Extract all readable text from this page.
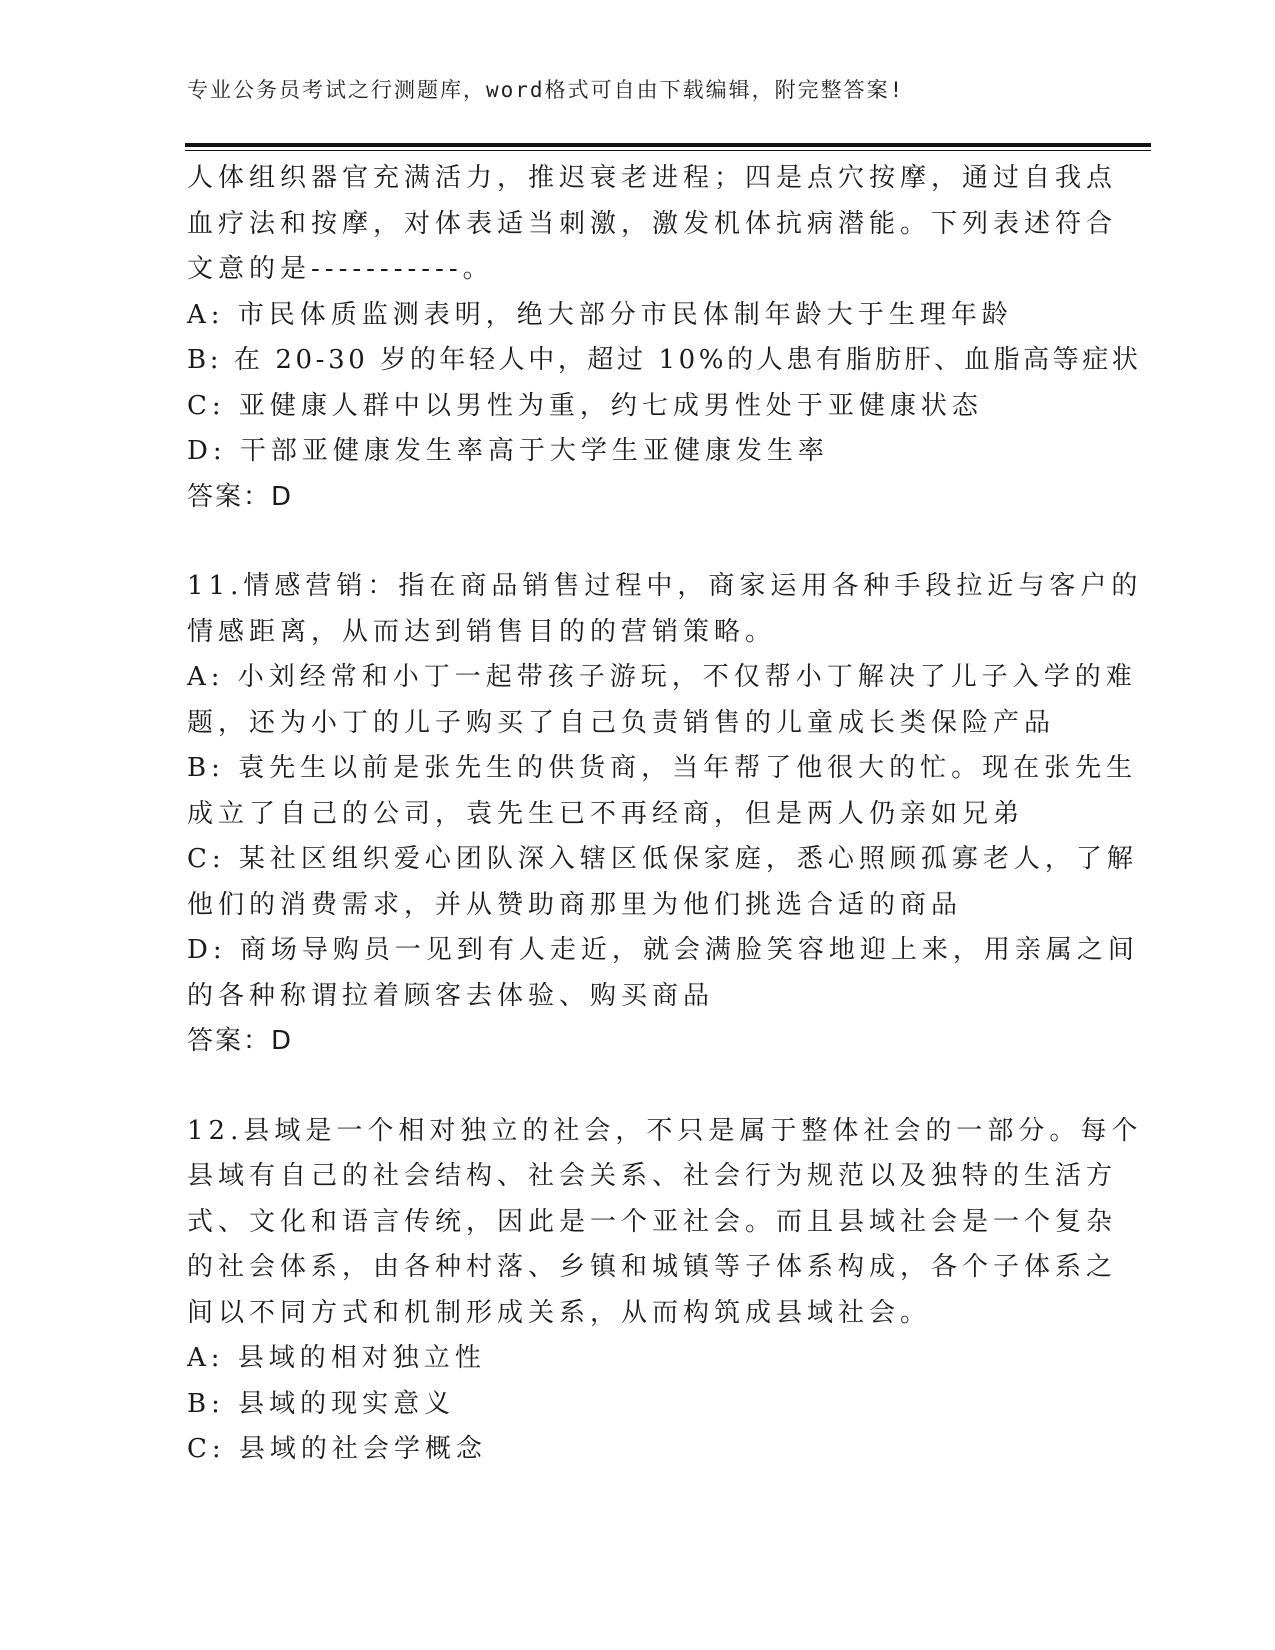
专业公务员考试之行测题库，word格式可自由下载编辑，附完整答案!
人体组织器官充满活力，推迟衰老进程；四是点穴按摩，通过自我点
血疗法和按摩，对体表适当刺激，激发机体抗病潜能。下列表述符合
文意的是-----------。
A: 市民体质监测表明，绝大部分市民体制年龄大于生理年龄
B: 在 20-30 岁的年轻人中，超过 10%的人患有脂肪肝、血脂高等症状
C: 亚健康人群中以男性为重，约七成男性处于亚健康状态
D: 干部亚健康发生率高于大学生亚健康发生率
答案：D
11.情感营销：指在商品销售过程中，商家运用各种手段拉近与客户的
情感距离，从而达到销售目的的营销策略。
A: 小刘经常和小丁一起带孩子游玩，不仅帮小丁解决了儿子入学的难
题，还为小丁的儿子购买了自己负责销售的儿童成长类保险产品
B: 袁先生以前是张先生的供货商，当年帮了他很大的忙。现在张先生
成立了自己的公司，袁先生已不再经商，但是两人仍亲如兄弟
C: 某社区组织爱心团队深入辖区低保家庭，悉心照顾孤寡老人，了解
他们的消费需求，并从赞助商那里为他们挑选合适的商品
D: 商场导购员一见到有人走近，就会满脸笑容地迎上来，用亲属之间
的各种称谓拉着顾客去体验、购买商品
答案：D
12.县域是一个相对独立的社会，不只是属于整体社会的一部分。每个
县域有自己的社会结构、社会关系、社会行为规范以及独特的生活方
式、文化和语言传统，因此是一个亚社会。而且县域社会是一个复杂
的社会体系，由各种村落、乡镇和城镇等子体系构成，各个子体系之
间以不同方式和机制形成关系，从而构筑成县域社会。
A: 县域的相对独立性
B: 县域的现实意义
C: 县域的社会学概念
